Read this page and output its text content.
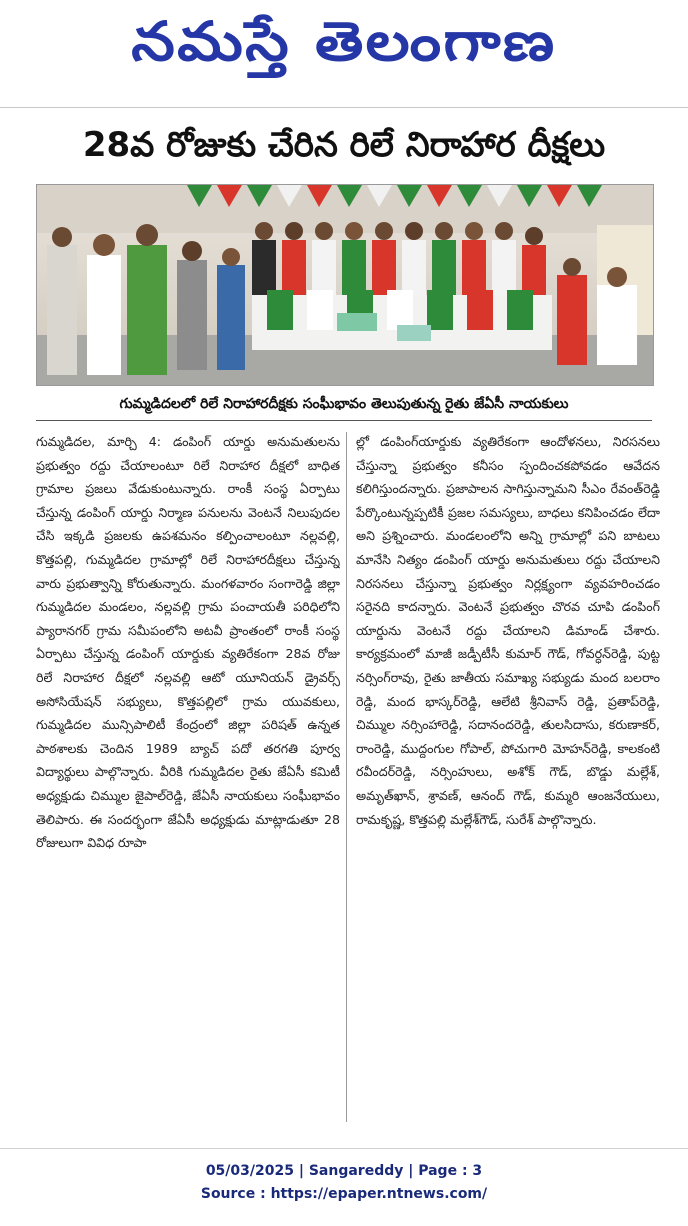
నమస్తే తెలంగాణ
28వ రోజుకు చేరిన రిలే నిరాహార దీక్షలు
గుమ్మడిదలలో రిలే నిరాహారదీక్షకు సంఘీభావం తెలుపుతున్న రైతు జేఏసీ నాయకులు

గుమ్మడిదల, మార్చి 4: డంపింగ్ యార్డు అనుమతులను ప్రభుత్వం రద్దు చేయాలంటూ రిలే నిరాహార దీక్షలో బాధిత గ్రామాల ప్రజలు వేడుకుంటున్నారు. రాంకీ సంస్థ ఏర్పాటు చేస్తున్న డంపింగ్ యార్డు నిర్మాణ పనులను వెంటనే నిలుపుదల చేసి ఇక్కడి ప్రజలకు ఉపశమనం కల్పించాలంటూ నల్లవల్లి, కొత్తపల్లి, గుమ్మడిదల గ్రామాల్లో రిలే నిరాహారదీక్షలు చేస్తున్న వారు ప్రభుత్వాన్ని కోరుతున్నారు. మంగళవారం సంగారెడ్డి జిల్లా గుమ్మడిదల మండలం, నల్లవల్లి గ్రామ పంచాయతీ పరిధిలోని ప్యారానగర్ గ్రామ సమీపంలోని అటవీ ప్రాంతంలో రాంకీ సంస్థ ఏర్పాటు చేస్తున్న డంపింగ్ యార్డుకు వ్యతిరేకంగా 28వ రోజు రిలే నిరాహార దీక్షలో నల్లవల్లి ఆటో యూనియన్ డ్రైవర్స్ అసోసియేషన్ సభ్యులు, కొత్తపల్లిలో గ్రామ యువకులు, గుమ్మడిదల మున్సిపాలిటీ కేంద్రంలో జిల్లా పరిషత్ ఉన్నత పాఠశాలకు చెందిన 1989 బ్యాచ్ పదో తరగతి పూర్వ విద్యార్థులు పాల్గొన్నారు. వీరికి గుమ్మడిదల రైతు జేఏసీ కమిటీ అధ్యక్షుడు చిమ్ముల జైపాల్‌రెడ్డి, జేఏసీ నాయకులు సంఘీభావం తెలిపారు. ఈ సందర్భంగా జేఏసీ అధ్యక్షుడు మాట్లాడుతూ 28 రోజులుగా వివిధ రూపా

ల్లో డంపింగ్‌యార్డుకు వ్యతిరేకంగా ఆందోళనలు, నిరసనలు చేస్తున్నా ప్రభుత్వం కనీసం స్పందించకపోవడం ఆవేదన కలిగిస్తుందన్నారు. ప్రజాపాలన సాగిస్తున్నామని సీఎం రేవంత్‌రెడ్డి పేర్కొంటున్నప్పటికీ ప్రజల సమస్యలు, బాధలు కనిపించడం లేదా అని ప్రశ్నించారు. మండలంలోని అన్ని గ్రామాల్లో పని బాటలు మానేసి నిత్యం డంపింగ్ యార్డు అనుమతులు రద్దు చేయాలని నిరసనలు చేస్తున్నా ప్రభుత్వం నిర్లక్ష్యంగా వ్యవహరించడం సరైనది కాదన్నారు. వెంటనే ప్రభుత్వం చొరవ చూపి డంపింగ్ యార్డును వెంటనే రద్దు చేయాలని డిమాండ్ చేశారు. కార్యక్రమంలో మాజీ జడ్పీటీసీ కుమార్ గౌడ్, గోవర్ధన్‌రెడ్డి, పుట్ట నర్సింగ్‌రావు, రైతు జాతీయ సమాఖ్య సభ్యుడు మంద బలరాం రెడ్డి, మంద భాస్కర్‌రెడ్డి, ఆలేటి శ్రీనివాస్ రెడ్డి, ప్రతాప్‌రెడ్డి, చిమ్ముల నర్సింహారెడ్డి, సదానందరెడ్డి, తులసిదాసు, కరుణాకర్, రాంరెడ్డి, ముద్దంగుల గోపాల్, పోచుగారి మోహన్‌రెడ్డి, కాలకంటి రవీందర్‌రెడ్డి, నర్సింహులు, అశోక్ గౌడ్, బొడ్డు మల్లేశ్, అమృత్‌ఖాన్, శ్రావణ్, ఆనంద్ గౌడ్, కుమ్మరి ఆంజనేయులు, రామకృష్ణ, కొత్తపల్లి మల్లేశ్‌గౌడ్, సురేశ్ పాల్గొన్నారు.

05/03/2025 | Sangareddy | Page : 3
Source : https://epaper.ntnews.com/
